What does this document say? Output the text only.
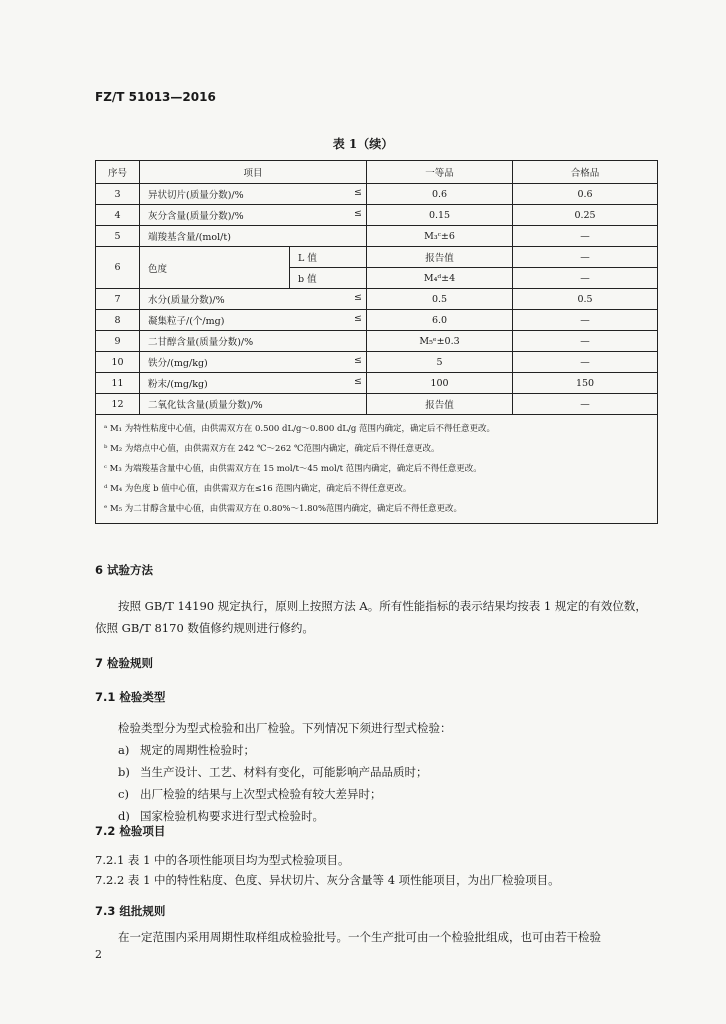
FZ/T 51013—2016
表 1（续）
序号	项目		一等品	合格品
3	异状切片(质量分数)/% ≤		0.6	0.6
4	灰分含量(质量分数)/% ≤		0.15	0.25
5	端羧基含量/(mol/t)		M₃ᶜ±6	—
6	色度	L 值	报告值	—
		b 值	M₄ᵈ±4	—
7	水分(质量分数)/% ≤		0.5	0.5
8	凝集粒子/(个/mg) ≤		6.0	—
9	二甘醇含量(质量分数)/%		M₅ᵉ±0.3	—
10	铁分/(mg/kg) ≤		5	—
11	粉末/(mg/kg) ≤		100	150
12	二氧化钛含量(质量分数)/%		报告值	—

ᵃ M₁ 为特性粘度中心值，由供需双方在 0.500 dL/g～0.800 dL/g 范围内确定，确定后不得任意更改。
ᵇ M₂ 为熔点中心值，由供需双方在 242 ℃～262 ℃范围内确定，确定后不得任意更改。
ᶜ M₃ 为端羧基含量中心值，由供需双方在 15 mol/t～45 mol/t 范围内确定，确定后不得任意更改。
ᵈ M₄ 为色度 b 值中心值，由供需双方在≤16 范围内确定，确定后不得任意更改。
ᵉ M₅ 为二甘醇含量中心值，由供需双方在 0.80%～1.80%范围内确定，确定后不得任意更改。				
6 试验方法
按照 GB/T 14190 规定执行，原则上按照方法 A。所有性能指标的表示结果均按表 1 规定的有效位数，依照 GB/T 8170 数值修约规则进行修约。
7 检验规则
7.1 检验类型
检验类型分为型式检验和出厂检验。下列情况下须进行型式检验：
a) 规定的周期性检验时；
b) 当生产设计、工艺、材料有变化，可能影响产品品质时；
c) 出厂检验的结果与上次型式检验有较大差异时；
d) 国家检验机构要求进行型式检验时。
7.2 检验项目
7.2.1 表 1 中的各项性能项目均为型式检验项目。
7.2.2 表 1 中的特性粘度、色度、异状切片、灰分含量等 4 项性能项目，为出厂检验项目。
7.3 组批规则
在一定范围内采用周期性取样组成检验批号。一个生产批可由一个检验批组成，也可由若干检验
2
